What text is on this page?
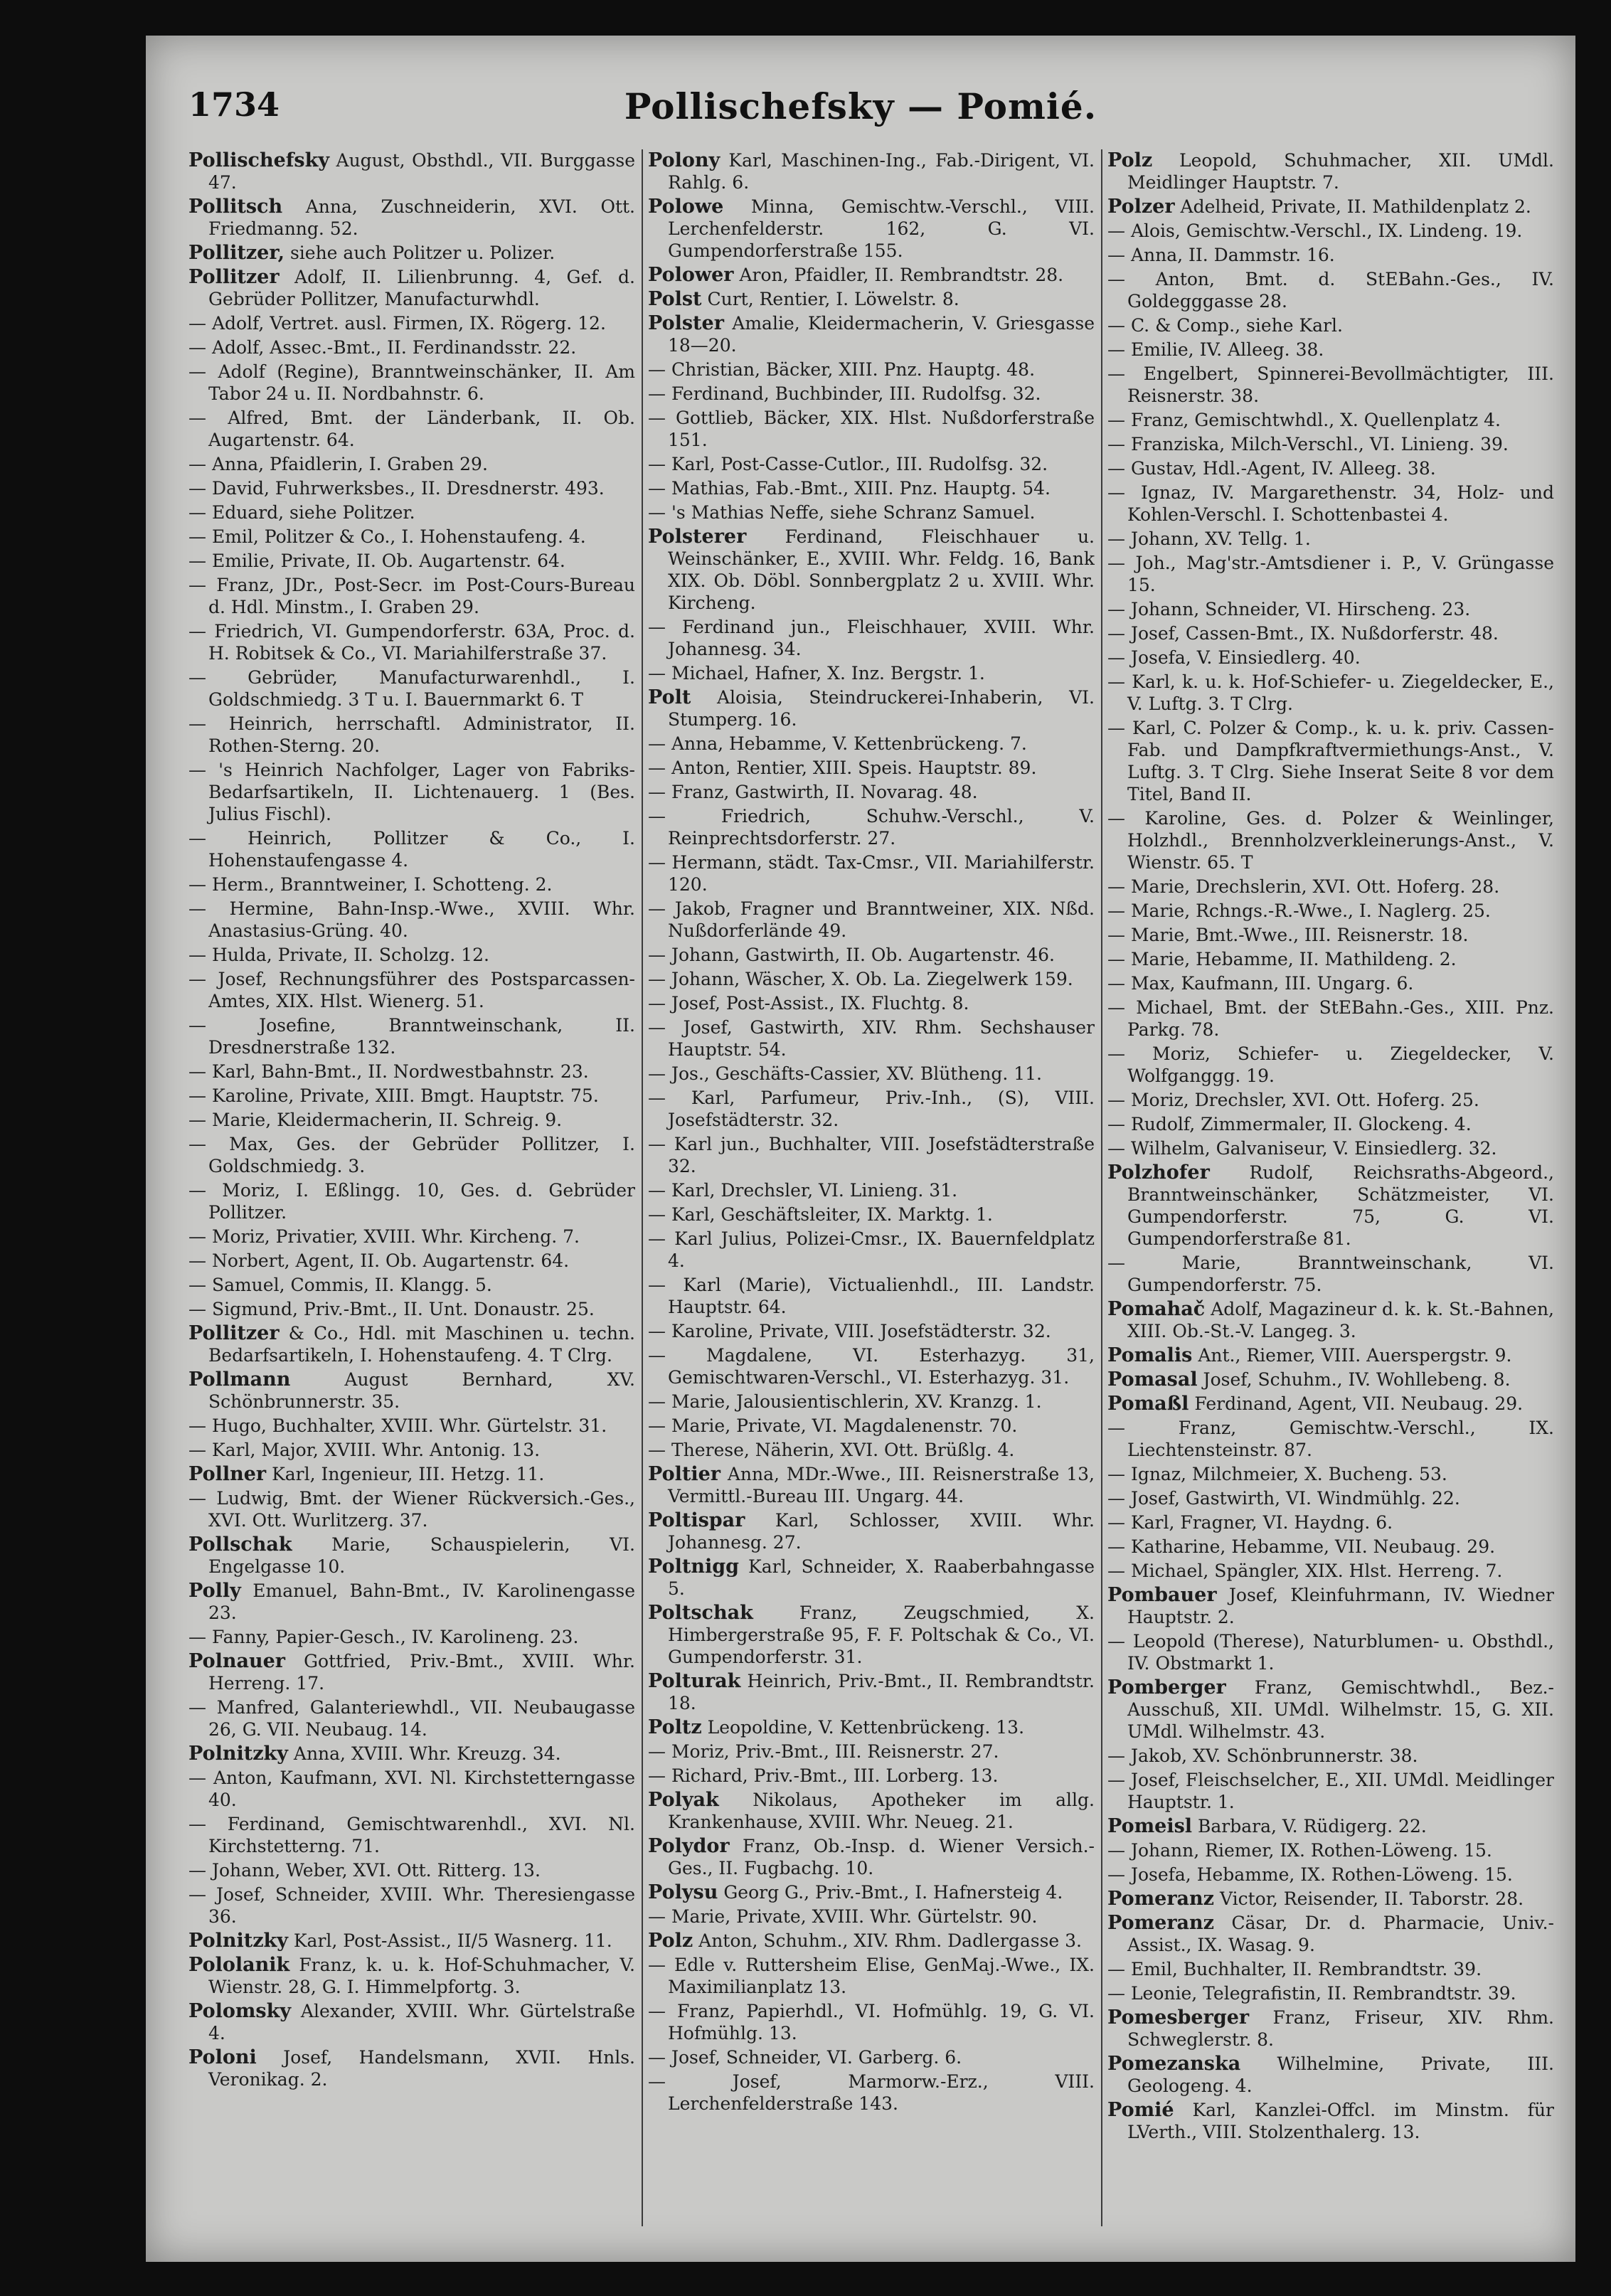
1734	Pollischefsky — Pomié.

Pollischefsky August, Obsthdl., VII. Burggasse 47.

Pollitsch Anna, Zuschneiderin, XVI. Ott. Friedmanng. 52.

Pollitzer, siehe auch Politzer u. Polizer.

Pollitzer Adolf, II. Lilienbrunng. 4, Gef. d. Gebrüder Pollitzer, Manufacturwhdl.

— Adolf, Vertret. ausl. Firmen, IX. Rögerg. 12.

— Adolf, Assec.-Bmt., II. Ferdinandsstr. 22.

— Adolf (Regine), Branntweinschänker, II. Am Tabor 24 u. II. Nordbahnstr. 6.

— Alfred, Bmt. der Länderbank, II. Ob. Augartenstr. 64.

— Anna, Pfaidlerin, I. Graben 29.

— David, Fuhrwerksbes., II. Dresdnerstr. 493.

— Eduard, siehe Politzer.

— Emil, Politzer & Co., I. Hohenstaufeng. 4.

— Emilie, Private, II. Ob. Augartenstr. 64.

— Franz, JDr., Post-Secr. im Post-Cours-Bureau d. Hdl. Minstm., I. Graben 29.

— Friedrich, VI. Gumpendorferstr. 63A, Proc. d. H. Robitsek & Co., VI. Mariahilferstraße 37.

— Gebrüder, Manufacturwarenhdl., I. Goldschmiedg. 3 T u. I. Bauernmarkt 6. T

— Heinrich, herrschaftl. Administrator, II. Rothen-Sterng. 20.

— 's Heinrich Nachfolger, Lager von Fabriks-Bedarfsartikeln, II. Lichtenauerg. 1 (Bes. Julius Fischl).

— Heinrich, Pollitzer & Co., I. Hohenstaufengasse 4.

— Herm., Branntweiner, I. Schotteng. 2.

— Hermine, Bahn-Insp.-Wwe., XVIII. Whr. Anastasius-Grüng. 40.

— Hulda, Private, II. Scholzg. 12.

— Josef, Rechnungsführer des Postsparcassen-Amtes, XIX. Hlst. Wienerg. 51.

— Josefine, Branntweinschank, II. Dresdnerstraße 132.

— Karl, Bahn-Bmt., II. Nordwestbahnstr. 23.

— Karoline, Private, XIII. Bmgt. Hauptstr. 75.

— Marie, Kleidermacherin, II. Schreig. 9.

— Max, Ges. der Gebrüder Pollitzer, I. Goldschmiedg. 3.

— Moriz, I. Eßlingg. 10, Ges. d. Gebrüder Pollitzer.

— Moriz, Privatier, XVIII. Whr. Kircheng. 7.

— Norbert, Agent, II. Ob. Augartenstr. 64.

— Samuel, Commis, II. Klangg. 5.

— Sigmund, Priv.-Bmt., II. Unt. Donaustr. 25.

Pollitzer & Co., Hdl. mit Maschinen u. techn. Bedarfsartikeln, I. Hohenstaufeng. 4. T Clrg.

Pollmann August Bernhard, XV. Schönbrunnerstr. 35.

— Hugo, Buchhalter, XVIII. Whr. Gürtelstr. 31.

— Karl, Major, XVIII. Whr. Antonig. 13.

Pollner Karl, Ingenieur, III. Hetzg. 11.

— Ludwig, Bmt. der Wiener Rückversich.-Ges., XVI. Ott. Wurlitzerg. 37.

Pollschak Marie, Schauspielerin, VI. Engelgasse 10.

Polly Emanuel, Bahn-Bmt., IV. Karolinengasse 23.

— Fanny, Papier-Gesch., IV. Karolineng. 23.

Polnauer Gottfried, Priv.-Bmt., XVIII. Whr. Herreng. 17.

— Manfred, Galanteriewhdl., VII. Neubaugasse 26, G. VII. Neubaug. 14.

Polnitzky Anna, XVIII. Whr. Kreuzg. 34.

— Anton, Kaufmann, XVI. Nl. Kirchstetterngasse 40.

— Ferdinand, Gemischtwarenhdl., XVI. Nl. Kirchstetterng. 71.

— Johann, Weber, XVI. Ott. Ritterg. 13.

— Josef, Schneider, XVIII. Whr. Theresiengasse 36.

Polnitzky Karl, Post-Assist., II/5 Wasnerg. 11.

Pololanik Franz, k. u. k. Hof-Schuhmacher, V. Wienstr. 28, G. I. Himmelpfortg. 3.

Polomsky Alexander, XVIII. Whr. Gürtelstraße 4.

Poloni Josef, Handelsmann, XVII. Hnls. Veronikag. 2.

Polony Karl, Maschinen-Ing., Fab.-Dirigent, VI. Rahlg. 6.

Polowe Minna, Gemischtw.-Verschl., VIII. Lerchenfelderstr. 162, G. VI. Gumpendorferstraße 155.

Polower Aron, Pfaidler, II. Rembrandtstr. 28.

Polst Curt, Rentier, I. Löwelstr. 8.

Polster Amalie, Kleidermacherin, V. Griesgasse 18—20.

— Christian, Bäcker, XIII. Pnz. Hauptg. 48.

— Ferdinand, Buchbinder, III. Rudolfsg. 32.

— Gottlieb, Bäcker, XIX. Hlst. Nußdorferstraße 151.

— Karl, Post-Casse-Cutlor., III. Rudolfsg. 32.

— Mathias, Fab.-Bmt., XIII. Pnz. Hauptg. 54.

— 's Mathias Neffe, siehe Schranz Samuel.

Polsterer Ferdinand, Fleischhauer u. Weinschänker, E., XVIII. Whr. Feldg. 16, Bank XIX. Ob. Döbl. Sonnbergplatz 2 u. XVIII. Whr. Kircheng.

— Ferdinand jun., Fleischhauer, XVIII. Whr. Johannesg. 34.

— Michael, Hafner, X. Inz. Bergstr. 1.

Polt Aloisia, Steindruckerei-Inhaberin, VI. Stumperg. 16.

— Anna, Hebamme, V. Kettenbrückeng. 7.

— Anton, Rentier, XIII. Speis. Hauptstr. 89.

— Franz, Gastwirth, II. Novarag. 48.

— Friedrich, Schuhw.-Verschl., V. Reinprechtsdorferstr. 27.

— Hermann, städt. Tax-Cmsr., VII. Mariahilferstr. 120.

— Jakob, Fragner und Branntweiner, XIX. Nßd. Nußdorferlände 49.

— Johann, Gastwirth, II. Ob. Augartenstr. 46.

— Johann, Wäscher, X. Ob. La. Ziegelwerk 159.

— Josef, Post-Assist., IX. Fluchtg. 8.

— Josef, Gastwirth, XIV. Rhm. Sechshauser Hauptstr. 54.

— Jos., Geschäfts-Cassier, XV. Blütheng. 11.

— Karl, Parfumeur, Priv.-Inh., (S), VIII. Josefstädterstr. 32.

— Karl jun., Buchhalter, VIII. Josefstädterstraße 32.

— Karl, Drechsler, VI. Linieng. 31.

— Karl, Geschäftsleiter, IX. Marktg. 1.

— Karl Julius, Polizei-Cmsr., IX. Bauernfeldplatz 4.

— Karl (Marie), Victualienhdl., III. Landstr. Hauptstr. 64.

— Karoline, Private, VIII. Josefstädterstr. 32.

— Magdalene, VI. Esterhazyg. 31, Gemischtwaren-Verschl., VI. Esterhazyg. 31.

— Marie, Jalousientischlerin, XV. Kranzg. 1.

— Marie, Private, VI. Magdalenenstr. 70.

— Therese, Näherin, XVI. Ott. Brüßlg. 4.

Poltier Anna, MDr.-Wwe., III. Reisnerstraße 13, Vermittl.-Bureau III. Ungarg. 44.

Poltispar Karl, Schlosser, XVIII. Whr. Johannesg. 27.

Poltnigg Karl, Schneider, X. Raaberbahngasse 5.

Poltschak Franz, Zeugschmied, X. Himbergerstraße 95, F. F. Poltschak & Co., VI. Gumpendorferstr. 31.

Polturak Heinrich, Priv.-Bmt., II. Rembrandtstr. 18.

Poltz Leopoldine, V. Kettenbrückeng. 13.

— Moriz, Priv.-Bmt., III. Reisnerstr. 27.

— Richard, Priv.-Bmt., III. Lorberg. 13.

Polyak Nikolaus, Apotheker im allg. Krankenhause, XVIII. Whr. Neueg. 21.

Polydor Franz, Ob.-Insp. d. Wiener Versich.-Ges., II. Fugbachg. 10.

Polysu Georg G., Priv.-Bmt., I. Hafnersteig 4.

— Marie, Private, XVIII. Whr. Gürtelstr. 90.

Polz Anton, Schuhm., XIV. Rhm. Dadlergasse 3.

— Edle v. Ruttersheim Elise, GenMaj.-Wwe., IX. Maximilianplatz 13.

— Franz, Papierhdl., VI. Hofmühlg. 19, G. VI. Hofmühlg. 13.

— Josef, Schneider, VI. Garberg. 6.

— Josef, Marmorw.-Erz., VIII. Lerchenfelderstraße 143.

Polz Leopold, Schuhmacher, XII. UMdl. Meidlinger Hauptstr. 7.

Polzer Adelheid, Private, II. Mathildenplatz 2.

— Alois, Gemischtw.-Verschl., IX. Lindeng. 19.

— Anna, II. Dammstr. 16.

— Anton, Bmt. d. StEBahn.-Ges., IV. Goldegggasse 28.

— C. & Comp., siehe Karl.

— Emilie, IV. Alleeg. 38.

— Engelbert, Spinnerei-Bevollmächtigter, III. Reisnerstr. 38.

— Franz, Gemischtwhdl., X. Quellenplatz 4.

— Franziska, Milch-Verschl., VI. Linieng. 39.

— Gustav, Hdl.-Agent, IV. Alleeg. 38.

— Ignaz, IV. Margarethenstr. 34, Holz- und Kohlen-Verschl. I. Schottenbastei 4.

— Johann, XV. Tellg. 1.

— Joh., Mag'str.-Amtsdiener i. P., V. Grüngasse 15.

— Johann, Schneider, VI. Hirscheng. 23.

— Josef, Cassen-Bmt., IX. Nußdorferstr. 48.

— Josefa, V. Einsiedlerg. 40.

— Karl, k. u. k. Hof-Schiefer- u. Ziegeldecker, E., V. Luftg. 3. T Clrg.

— Karl, C. Polzer & Comp., k. u. k. priv. Cassen-Fab. und Dampfkraftvermiethungs-Anst., V. Luftg. 3. T Clrg. Siehe Inserat Seite 8 vor dem Titel, Band II.

— Karoline, Ges. d. Polzer & Weinlinger, Holzhdl., Brennholzverkleinerungs-Anst., V. Wienstr. 65. T

— Marie, Drechslerin, XVI. Ott. Hoferg. 28.

— Marie, Rchngs.-R.-Wwe., I. Naglerg. 25.

— Marie, Bmt.-Wwe., III. Reisnerstr. 18.

— Marie, Hebamme, II. Mathildeng. 2.

— Max, Kaufmann, III. Ungarg. 6.

— Michael, Bmt. der StEBahn.-Ges., XIII. Pnz. Parkg. 78.

— Moriz, Schiefer- u. Ziegeldecker, V. Wolfganggg. 19.

— Moriz, Drechsler, XVI. Ott. Hoferg. 25.

— Rudolf, Zimmermaler, II. Glockeng. 4.

— Wilhelm, Galvaniseur, V. Einsiedlerg. 32.

Polzhofer Rudolf, Reichsraths-Abgeord., Branntweinschänker, Schätzmeister, VI. Gumpendorferstr. 75, G. VI. Gumpendorferstraße 81.

— Marie, Branntweinschank, VI. Gumpendorferstr. 75.

Pomahač Adolf, Magazineur d. k. k. St.-Bahnen, XIII. Ob.-St.-V. Langeg. 3.

Pomalis Ant., Riemer, VIII. Auerspergstr. 9.

Pomasal Josef, Schuhm., IV. Wohllebeng. 8.

Pomaßl Ferdinand, Agent, VII. Neubaug. 29.

— Franz, Gemischtw.-Verschl., IX. Liechtensteinstr. 87.

— Ignaz, Milchmeier, X. Bucheng. 53.

— Josef, Gastwirth, VI. Windmühlg. 22.

— Karl, Fragner, VI. Haydng. 6.

— Katharine, Hebamme, VII. Neubaug. 29.

— Michael, Spängler, XIX. Hlst. Herreng. 7.

Pombauer Josef, Kleinfuhrmann, IV. Wiedner Hauptstr. 2.

— Leopold (Therese), Naturblumen- u. Obsthdl., IV. Obstmarkt 1.

Pomberger Franz, Gemischtwhdl., Bez.-Ausschuß, XII. UMdl. Wilhelmstr. 15, G. XII. UMdl. Wilhelmstr. 43.

— Jakob, XV. Schönbrunnerstr. 38.

— Josef, Fleischselcher, E., XII. UMdl. Meidlinger Hauptstr. 1.

Pomeisl Barbara, V. Rüdigerg. 22.

— Johann, Riemer, IX. Rothen-Löweng. 15.

— Josefa, Hebamme, IX. Rothen-Löweng. 15.

Pomeranz Victor, Reisender, II. Taborstr. 28.

Pomeranz Cäsar, Dr. d. Pharmacie, Univ.-Assist., IX. Wasag. 9.

— Emil, Buchhalter, II. Rembrandtstr. 39.

— Leonie, Telegrafistin, II. Rembrandtstr. 39.

Pomesberger Franz, Friseur, XIV. Rhm. Schweglerstr. 8.

Pomezanska Wilhelmine, Private, III. Geologeng. 4.

Pomié Karl, Kanzlei-Offcl. im Minstm. für LVerth., VIII. Stolzenthalerg. 13.
